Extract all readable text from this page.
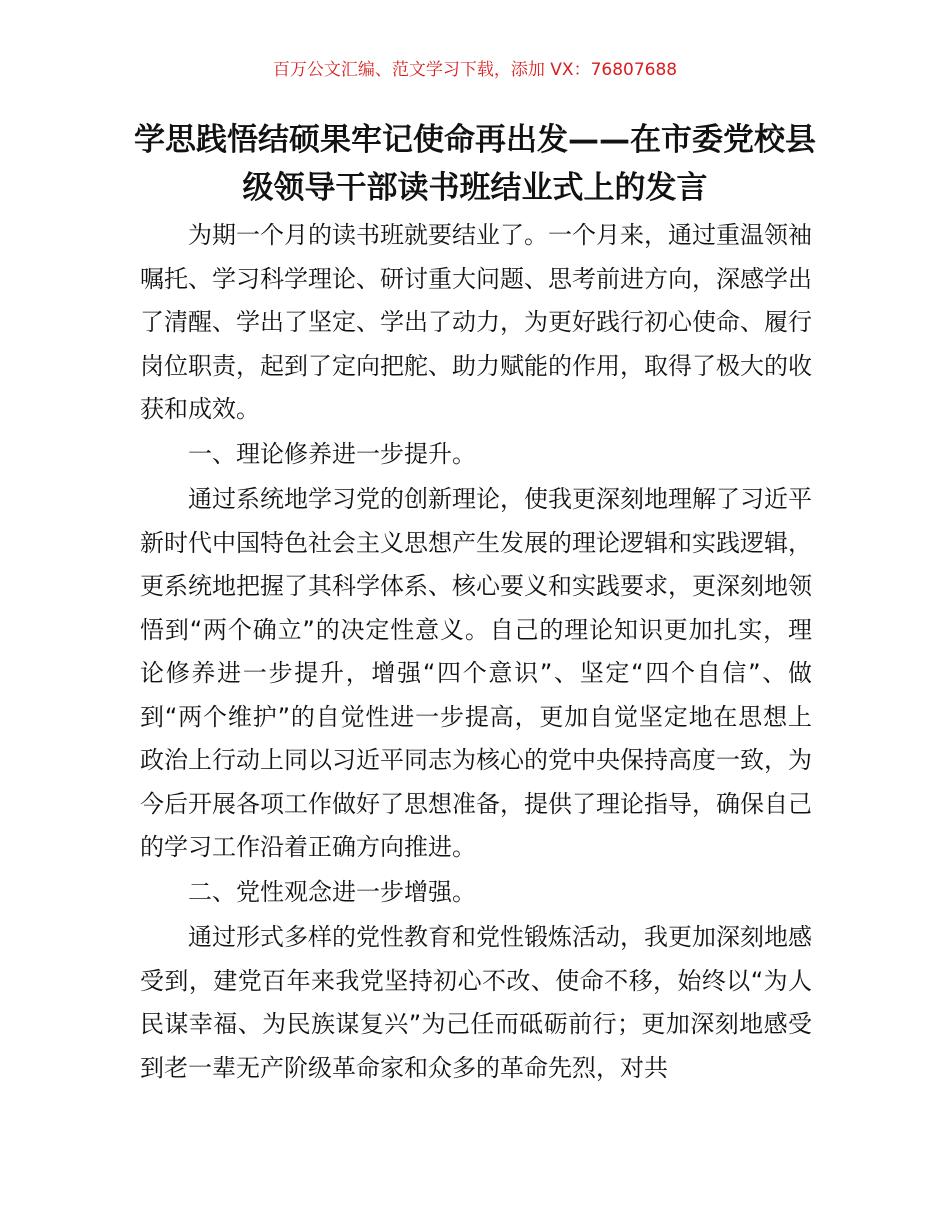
百万公文汇编、范文学习下载，添加 VX：76807688
学思践悟结硕果牢记使命再出发——在市委党校县级领导干部读书班结业式上的发言

为期一个月的读书班就要结业了。一个月来，通过重温领袖嘱托、学习科学理论、研讨重大问题、思考前进方向，深感学出了清醒、学出了坚定、学出了动力，为更好践行初心使命、履行岗位职责，起到了定向把舵、助力赋能的作用，取得了极大的收获和成效。

一、理论修养进一步提升。

通过系统地学习党的创新理论，使我更深刻地理解了习近平新时代中国特色社会主义思想产生发展的理论逻辑和实践逻辑，更系统地把握了其科学体系、核心要义和实践要求，更深刻地领悟到“两个确立”的决定性意义。自己的理论知识更加扎实，理论修养进一步提升，增强“四个意识”、坚定“四个自信”、做到“两个维护”的自觉性进一步提高，更加自觉坚定地在思想上政治上行动上同以习近平同志为核心的党中央保持高度一致，为今后开展各项工作做好了思想准备，提供了理论指导，确保自己的学习工作沿着正确方向推进。

二、党性观念进一步增强。

通过形式多样的党性教育和党性锻炼活动，我更加深刻地感受到，建党百年来我党坚持初心不改、使命不移，始终以“为人民谋幸福、为民族谋复兴”为己任而砥砺前行；更加深刻地感受到老一辈无产阶级革命家和众多的革命先烈，对共
